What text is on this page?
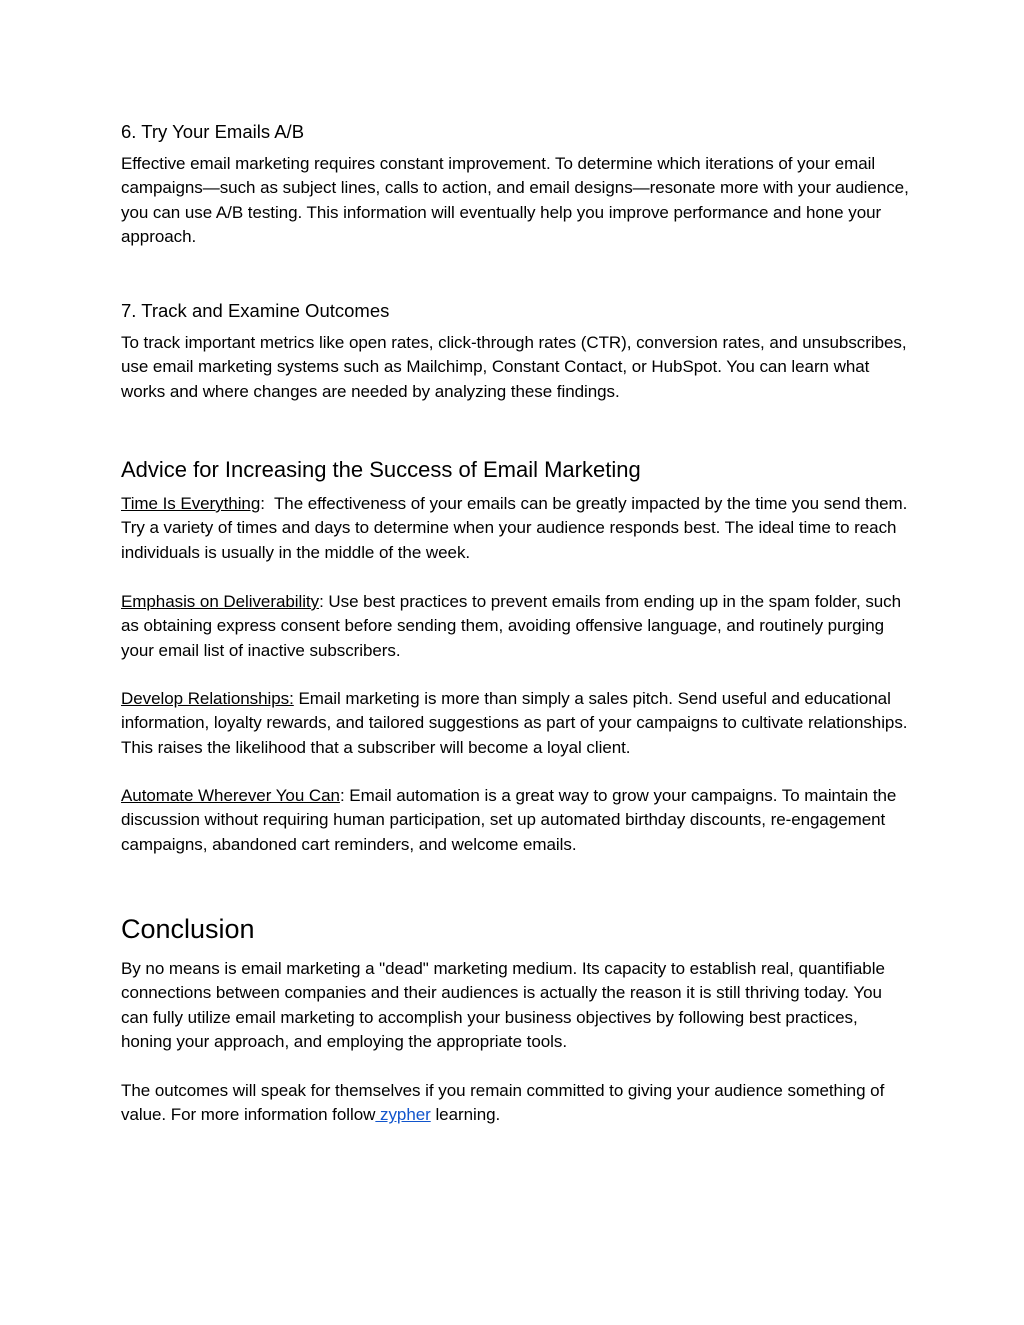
6. Try Your Emails A/B

Effective email marketing requires constant improvement. To determine which iterations of your email campaigns—such as subject lines, calls to action, and email designs—resonate more with your audience, you can use A/B testing. This information will eventually help you improve performance and hone your approach.

7. Track and Examine Outcomes

To track important metrics like open rates, click-through rates (CTR), conversion rates, and unsubscribes, use email marketing systems such as Mailchimp, Constant Contact, or HubSpot. You can learn what works and where changes are needed by analyzing these findings.

Advice for Increasing the Success of Email Marketing

Time Is Everything:  The effectiveness of your emails can be greatly impacted by the time you send them. Try a variety of times and days to determine when your audience responds best. The ideal time to reach individuals is usually in the middle of the week.

Emphasis on Deliverability: Use best practices to prevent emails from ending up in the spam folder, such as obtaining express consent before sending them, avoiding offensive language, and routinely purging your email list of inactive subscribers.

Develop Relationships: Email marketing is more than simply a sales pitch. Send useful and educational information, loyalty rewards, and tailored suggestions as part of your campaigns to cultivate relationships. This raises the likelihood that a subscriber will become a loyal client.

Automate Wherever You Can: Email automation is a great way to grow your campaigns. To maintain the discussion without requiring human participation, set up automated birthday discounts, re-engagement campaigns, abandoned cart reminders, and welcome emails.

Conclusion

By no means is email marketing a "dead" marketing medium. Its capacity to establish real, quantifiable connections between companies and their audiences is actually the reason it is still thriving today. You can fully utilize email marketing to accomplish your business objectives by following best practices, honing your approach, and employing the appropriate tools.

The outcomes will speak for themselves if you remain committed to giving your audience something of value. For more information follow zypher learning.
